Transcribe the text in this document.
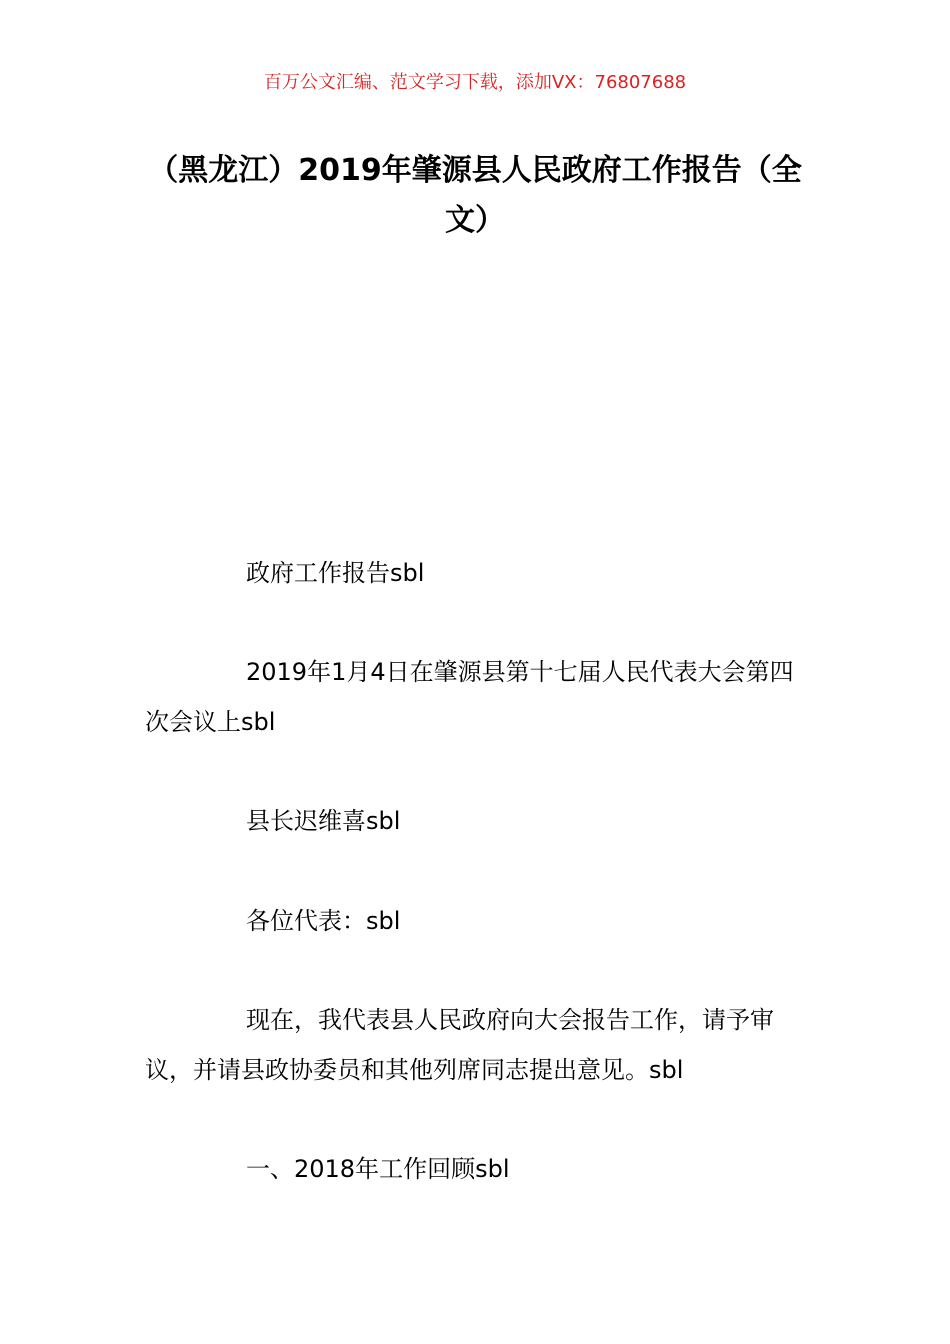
百万公文汇编、范文学习下载，添加VX：76807688
（黑龙江）2019年肇源县人民政府工作报告（全文）
政府工作报告sbl
2019年1月4日在肇源县第十七届人民代表大会第四次会议上sbl
县长迟维喜sbl
各位代表：sbl
现在，我代表县人民政府向大会报告工作，请予审议，并请县政协委员和其他列席同志提出意见。sbl
一、2018年工作回顾sbl
